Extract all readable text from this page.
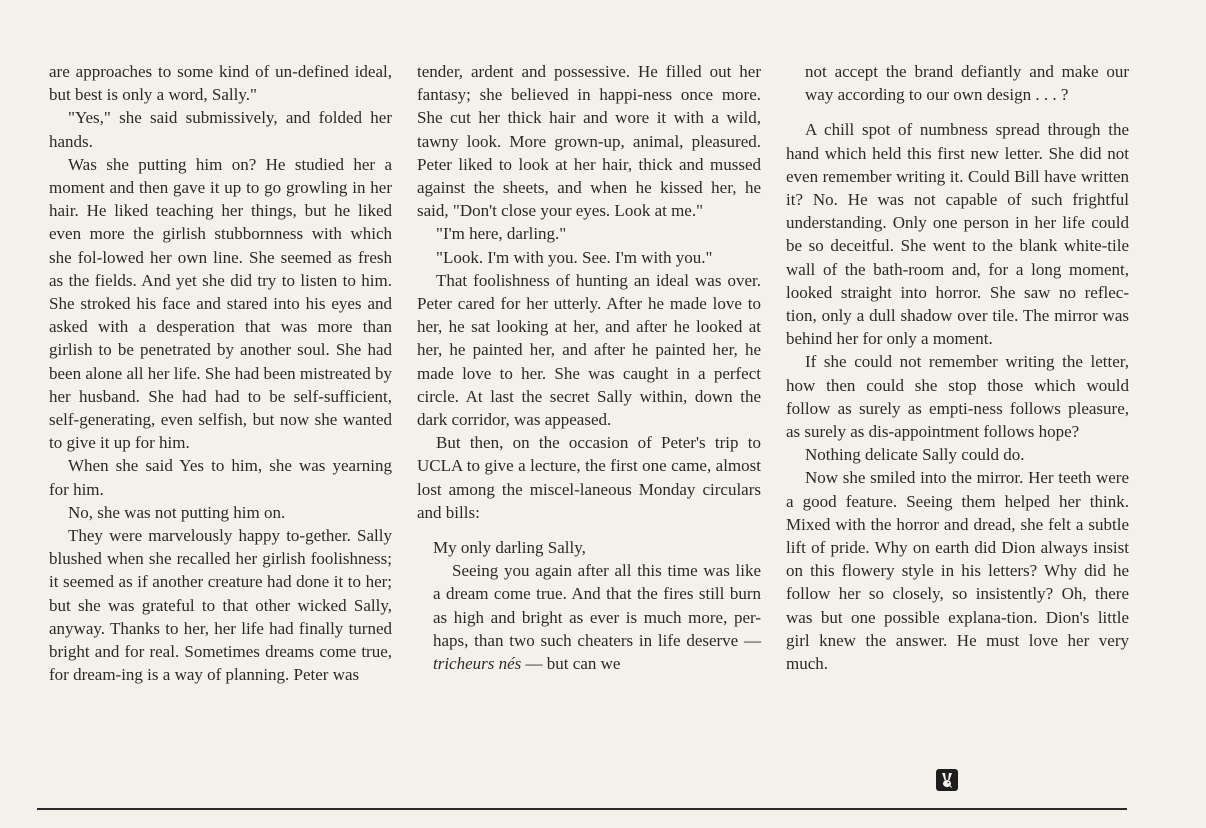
are approaches to some kind of un-defined ideal, but best is only a word, Sally."

"Yes," she said submissively, and folded her hands.

Was she putting him on? He studied her a moment and then gave it up to go growling in her hair. He liked teaching her things, but he liked even more the girlish stubbornness with which she fol-lowed her own line. She seemed as fresh as the fields. And yet she did try to listen to him. She stroked his face and stared into his eyes and asked with a desperation that was more than girlish to be penetrated by another soul. She had been alone all her life. She had been mistreated by her husband. She had had to be self-sufficient, self-generating, even selfish, but now she wanted to give it up for him.

When she said Yes to him, she was yearning for him.

No, she was not putting him on.

They were marvelously happy to-gether. Sally blushed when she recalled her girlish foolishness; it seemed as if another creature had done it to her; but she was grateful to that other wicked Sally, anyway. Thanks to her, her life had finally turned bright and for real. Sometimes dreams come true, for dream-ing is a way of planning. Peter was

tender, ardent and possessive. He filled out her fantasy; she believed in happi-ness once more. She cut her thick hair and wore it with a wild, tawny look. More grown-up, animal, pleasured. Peter liked to look at her hair, thick and mussed against the sheets, and when he kissed her, he said, "Don't close your eyes. Look at me."

"I'm here, darling."

"Look. I'm with you. See. I'm with you."

That foolishness of hunting an ideal was over. Peter cared for her utterly. After he made love to her, he sat looking at her, and after he looked at her, he painted her, and after he painted her, he made love to her. She was caught in a perfect circle. At last the secret Sally within, down the dark corridor, was appeased.

But then, on the occasion of Peter's trip to UCLA to give a lecture, the first one came, almost lost among the miscel-laneous Monday circulars and bills:

My only darling Sally,

Seeing you again after all this time was like a dream come true. And that the fires still burn as high and bright as ever is much more, per-haps, than two such cheaters in life deserve — tricheurs nés — but can we

not accept the brand defiantly and make our way according to our own design . . . ?

A chill spot of numbness spread through the hand which held this first new letter. She did not even remember writing it. Could Bill have written it? No. He was not capable of such frightful understanding. Only one person in her life could be so deceitful. She went to the blank white-tile wall of the bath-room and, for a long moment, looked straight into horror. She saw no reflec-tion, only a dull shadow over tile. The mirror was behind her for only a moment.

If she could not remember writing the letter, how then could she stop those which would follow as surely as empti-ness follows pleasure, as surely as dis-appointment follows hope?

Nothing delicate Sally could do.

Now she smiled into the mirror. Her teeth were a good feature. Seeing them helped her think. Mixed with the horror and dread, she felt a subtle lift of pride. Why on earth did Dion always insist on this flowery style in his letters? Why did he follow her so closely, so insistently? Oh, there was but one possible explana-tion. Dion's little girl knew the answer. He must love her very much.
